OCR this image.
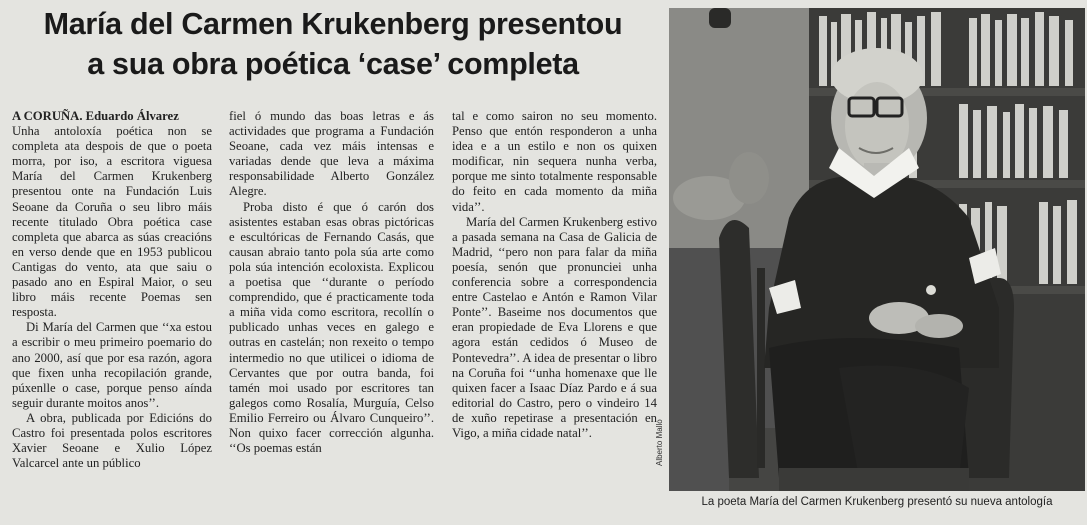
María del Carmen Krukenberg presentou
a sua obra poética ‘case’ completa

A CORUÑA. Eduardo Álvarez

Unha antoloxía poética non se completa ata despois de que o poeta morra, por iso, a escritora viguesa María del Carmen Krukenberg presentou onte na Fundación Luis Seoane da Coruña o seu libro máis recente titulado Obra poética case completa que abarca as súas creacións en verso dende que en 1953 publicou Cantigas do vento, ata que saiu o pasado ano en Espiral Maior, o seu libro máis recente Poemas sen resposta.

Di María del Carmen que ‘‘xa estou a escribir o meu primeiro poemario do ano 2000, así que por esa razón, agora que fixen unha recopilación grande, púxenlle o case, porque penso aínda seguir durante moitos anos’’.

A obra, publicada por Edicións do Castro foi presentada polos escritores Xavier Seoane e Xulio López Valcarcel ante un público

fiel ó mundo das boas letras e ás actividades que programa a Fundación Seoane, cada vez máis intensas e variadas dende que leva a máxima responsabilidade Alberto González Alegre.

Proba disto é que ó carón dos asistentes estaban esas obras pictóricas e escultóricas de Fernando Casás, que causan abraio tanto pola súa arte como pola súa intención ecoloxista. Explicou a poetisa que ‘‘durante o período comprendido, que é practicamente toda a miña vida como escritora, recollín o publicado unhas veces en galego e outras en castelán; non rexeito o tempo intermedio no que utilicei o idioma de Cervantes que por outra banda, foi tamén moi usado por escritores tan galegos como Rosalía, Murguía, Celso Emilio Ferreiro ou Álvaro Cunqueiro’’. Non quixo facer corrección algunha. ‘‘Os poemas están

tal e como sairon no seu momento. Penso que entón responderon a unha idea e a un estilo e non os quixen modificar, nin sequera nunha verba, porque me sinto totalmente responsable do feito en cada momento da miña vida’’.

María del Carmen Krukenberg estivo a pasada semana na Casa de Galicia de Madrid, ‘‘pero non para falar da miña poesía, senón que pronunciei unha conferencia sobre a correspondencia entre Castelao e Antón e Ramon Vilar Ponte’’. Baseime nos documentos que eran propiedade de Eva Llorens e que agora están cedidos ó Museo de Pontevedra’’. A idea de presentar o libro na Coruña foi ‘‘unha homenaxe que lle quixen facer a Isaac Díaz Pardo e á sua editorial do Castro, pero o vindeiro 14 de xuño repetirase a presentación en Vigo, a miña cidade natal’’.	Alberto Mallo
La poeta María del Carmen Krukenberg presentó su nueva antología
